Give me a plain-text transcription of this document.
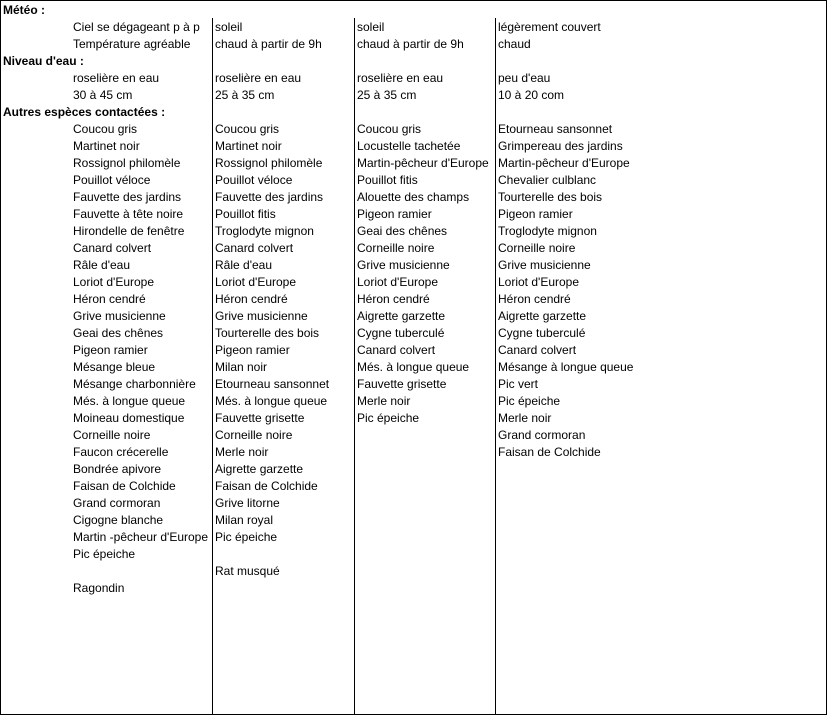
Météo :
Niveau d'eau :
Autres espèces contactées :
Ciel se dégageant p à p
Température agréable
roselière en eau
30 à 45 cm
Coucou gris
Martinet noir
Rossignol philomèle
Pouillot véloce
Fauvette des jardins
Fauvette à tête noire
Hirondelle de fenêtre
Canard colvert
Râle d'eau
Loriot d'Europe
Héron cendré
Grive musicienne
Geai des chênes
Pigeon ramier
Mésange bleue
Mésange charbonnière
Més. à longue queue
Moineau domestique
Corneille noire
Faucon crécerelle
Bondrée apivore
Faisan de Colchide
Grand cormoran
Cigogne blanche
Martin -pêcheur d'Europe
Pic épeiche
Ragondin
soleil
chaud à partir de 9h
roselière en eau
25 à 35 cm
Coucou gris
Martinet noir
Rossignol philomèle
Pouillot véloce
Fauvette des jardins
Pouillot fitis
Troglodyte mignon
Canard colvert
Râle d'eau
Loriot d'Europe
Héron cendré
Grive musicienne
Tourterelle des bois
Pigeon ramier
Milan noir
Etourneau sansonnet
Més. à longue queue
Fauvette grisette
Corneille noire
Merle noir
Aigrette garzette
Faisan de Colchide
Grive litorne
Milan royal
Pic épeiche
Rat musqué
soleil
chaud à partir de 9h
roselière en eau
25 à 35 cm
Coucou gris
Locustelle tachetée
Martin-pêcheur d'Europe
Pouillot fitis
Alouette des champs
Pigeon ramier
Geai des chênes
Corneille noire
Grive musicienne
Loriot d'Europe
Héron cendré
Aigrette garzette
Cygne tuberculé
Canard colvert
Més. à longue queue
Fauvette grisette
Merle noir
Pic épeiche
légèrement couvert
chaud
peu d'eau
10 à 20 com
Etourneau sansonnet
Grimpereau des jardins
Martin-pêcheur d'Europe
Chevalier culblanc
Tourterelle des bois
Pigeon ramier
Troglodyte mignon
Corneille noire
Grive musicienne
Loriot d'Europe
Héron cendré
Aigrette garzette
Cygne tuberculé
Canard colvert
Mésange à longue queue
Pic vert
Pic épeiche
Merle noir
Grand cormoran
Faisan de Colchide
